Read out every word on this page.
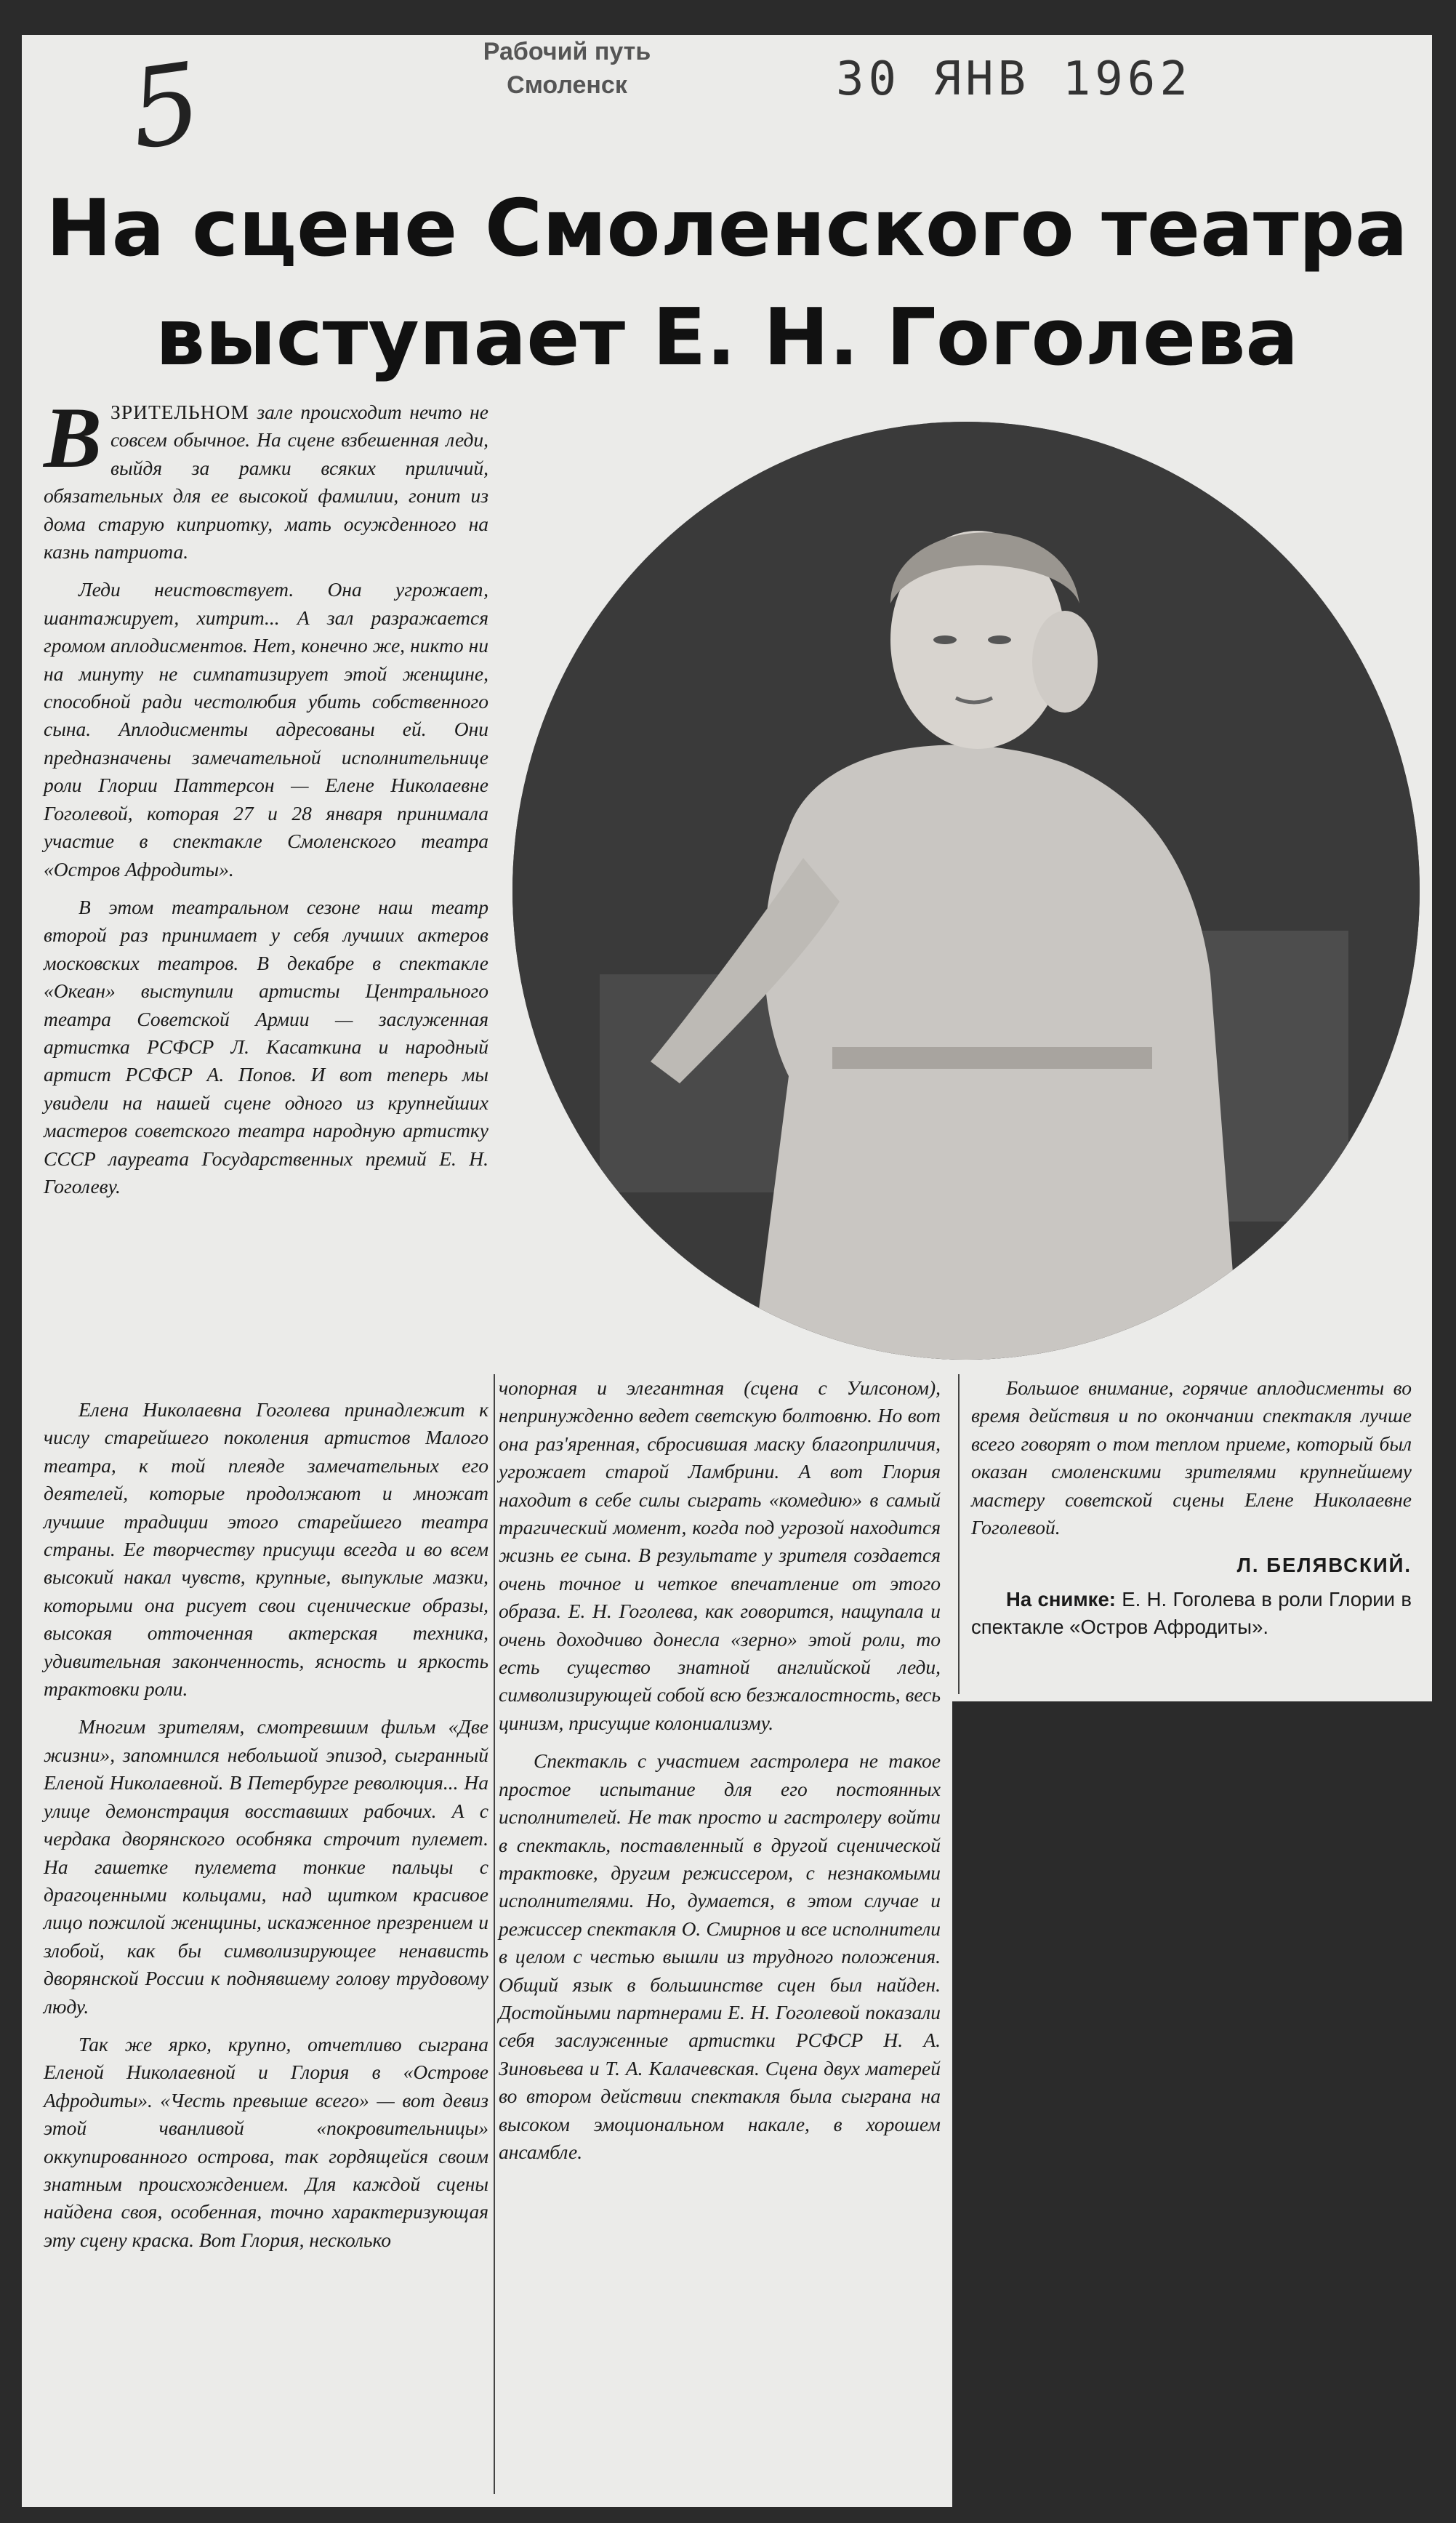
5	Рабочий путь
Смоленск	30 ЯНВ 1962
На сцене Смоленского театра
выступает Е. Н. Гоголева

ВЗРИТЕЛЬНОМ зале происходит нечто не совсем обычное. На сцене взбешенная леди, выйдя за рамки всяких приличий, обязательных для ее высокой фамилии, гонит из дома старую киприотку, мать осужденного на казнь патриота.

Леди неистовствует. Она угрожает, шантажирует, хитрит... А зал разражается громом аплодисментов. Нет, конечно же, никто ни на минуту не симпатизирует этой женщине, способной ради честолюбия убить собственного сына. Аплодисменты адресованы ей. Они предназначены замечательной исполнительнице роли Глории Паттерсон — Елене Николаевне Гоголевой, которая 27 и 28 января принимала участие в спектакле Смоленского театра «Остров Афродиты».

В этом театральном сезоне наш театр второй раз принимает у себя лучших актеров московских театров. В декабре в спектакле «Океан» выступили артисты Центрального театра Советской Армии — заслуженная артистка РСФСР Л. Касаткина и народный артист РСФСР А. Попов. И вот теперь мы увидели на нашей сцене одного из крупнейших мастеров советского театра народную артистку СССР лауреата Государственных премий Е. Н. Гоголеву.

Елена Николаевна Гоголева принадлежит к числу старейшего поколения артистов Малого театра, к той плеяде замечательных его деятелей, которые продолжают и множат лучшие традиции этого старейшего театра страны. Ее творчеству присущи всегда и во всем высокий накал чувств, крупные, выпуклые мазки, которыми она рисует свои сценические образы, высокая отточенная актерская техника, удивительная законченность, ясность и яркость трактовки роли.

Многим зрителям, смотревшим фильм «Две жизни», запомнился небольшой эпизод, сыгранный Еленой Николаевной. В Петербурге революция... На улице демонстрация восставших рабочих. А с чердака дворянского особняка строчит пулемет. На гашетке пулемета тонкие пальцы с драгоценными кольцами, над щитком красивое лицо пожилой женщины, искаженное презрением и злобой, как бы символизирующее ненависть дворянской России к поднявшему голову трудовому люду.

Так же ярко, крупно, отчетливо сыграна Еленой Николаевной и Глория в «Острове Афродиты». «Честь превыше всего» — вот девиз этой чванливой «покровительницы» оккупированного острова, так гордящейся своим знатным происхождением. Для каждой сцены найдена своя, особенная, точно характеризующая эту сцену краска. Вот Глория, несколько

чопорная и элегантная (сцена с Уилсоном), непринужденно ведет светскую болтовню. Но вот она раз'яренная, сбросившая маску благоприличия, угрожает старой Ламбрини. А вот Глория находит в себе силы сыграть «комедию» в самый трагический момент, когда под угрозой находится жизнь ее сына. В результате у зрителя создается очень точное и четкое впечатление от этого образа. Е. Н. Гоголева, как говорится, нащупала и очень доходчиво донесла «зерно» этой роли, то есть существо знатной английской леди, символизирующей собой всю безжалостность, весь цинизм, присущие колониализму.

Спектакль с участием гастролера не такое простое испытание для его постоянных исполнителей. Не так просто и гастролеру войти в спектакль, поставленный в другой сценической трактовке, другим режиссером, с незнакомыми исполнителями. Но, думается, в этом случае и режиссер спектакля О. Смирнов и все исполнители в целом с честью вышли из трудного положения. Общий язык в большинстве сцен был найден. Достойными партнерами Е. Н. Гоголевой показали себя заслуженные артистки РСФСР Н. А. Зиновьева и Т. А. Калачевская. Сцена двух матерей во втором действии спектакля была сыграна на высоком эмоциональном накале, в хорошем ансамбле.

Большое внимание, горячие аплодисменты во время действия и по окончании спектакля лучше всего говорят о том теплом приеме, который был оказан смоленскими зрителями крупнейшему мастеру советской сцены Елене Николаевне Гоголевой.

Л. БЕЛЯВСКИЙ.

На снимке: Е. Н. Гоголева в роли Глории в спектакле «Остров Афродиты».
